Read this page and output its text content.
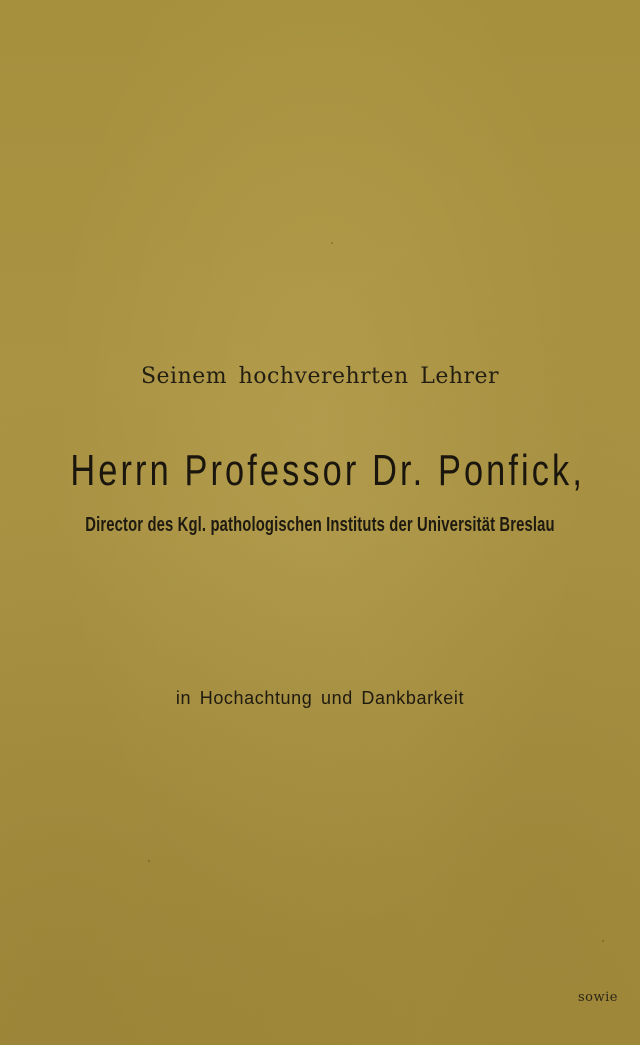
Seinem hochverehrten Lehrer
Herrn Professor Dr. Ponfick,
Director des Kgl. pathologischen Instituts der Universität Breslau
in Hochachtung und Dankbarkeit
sowie
